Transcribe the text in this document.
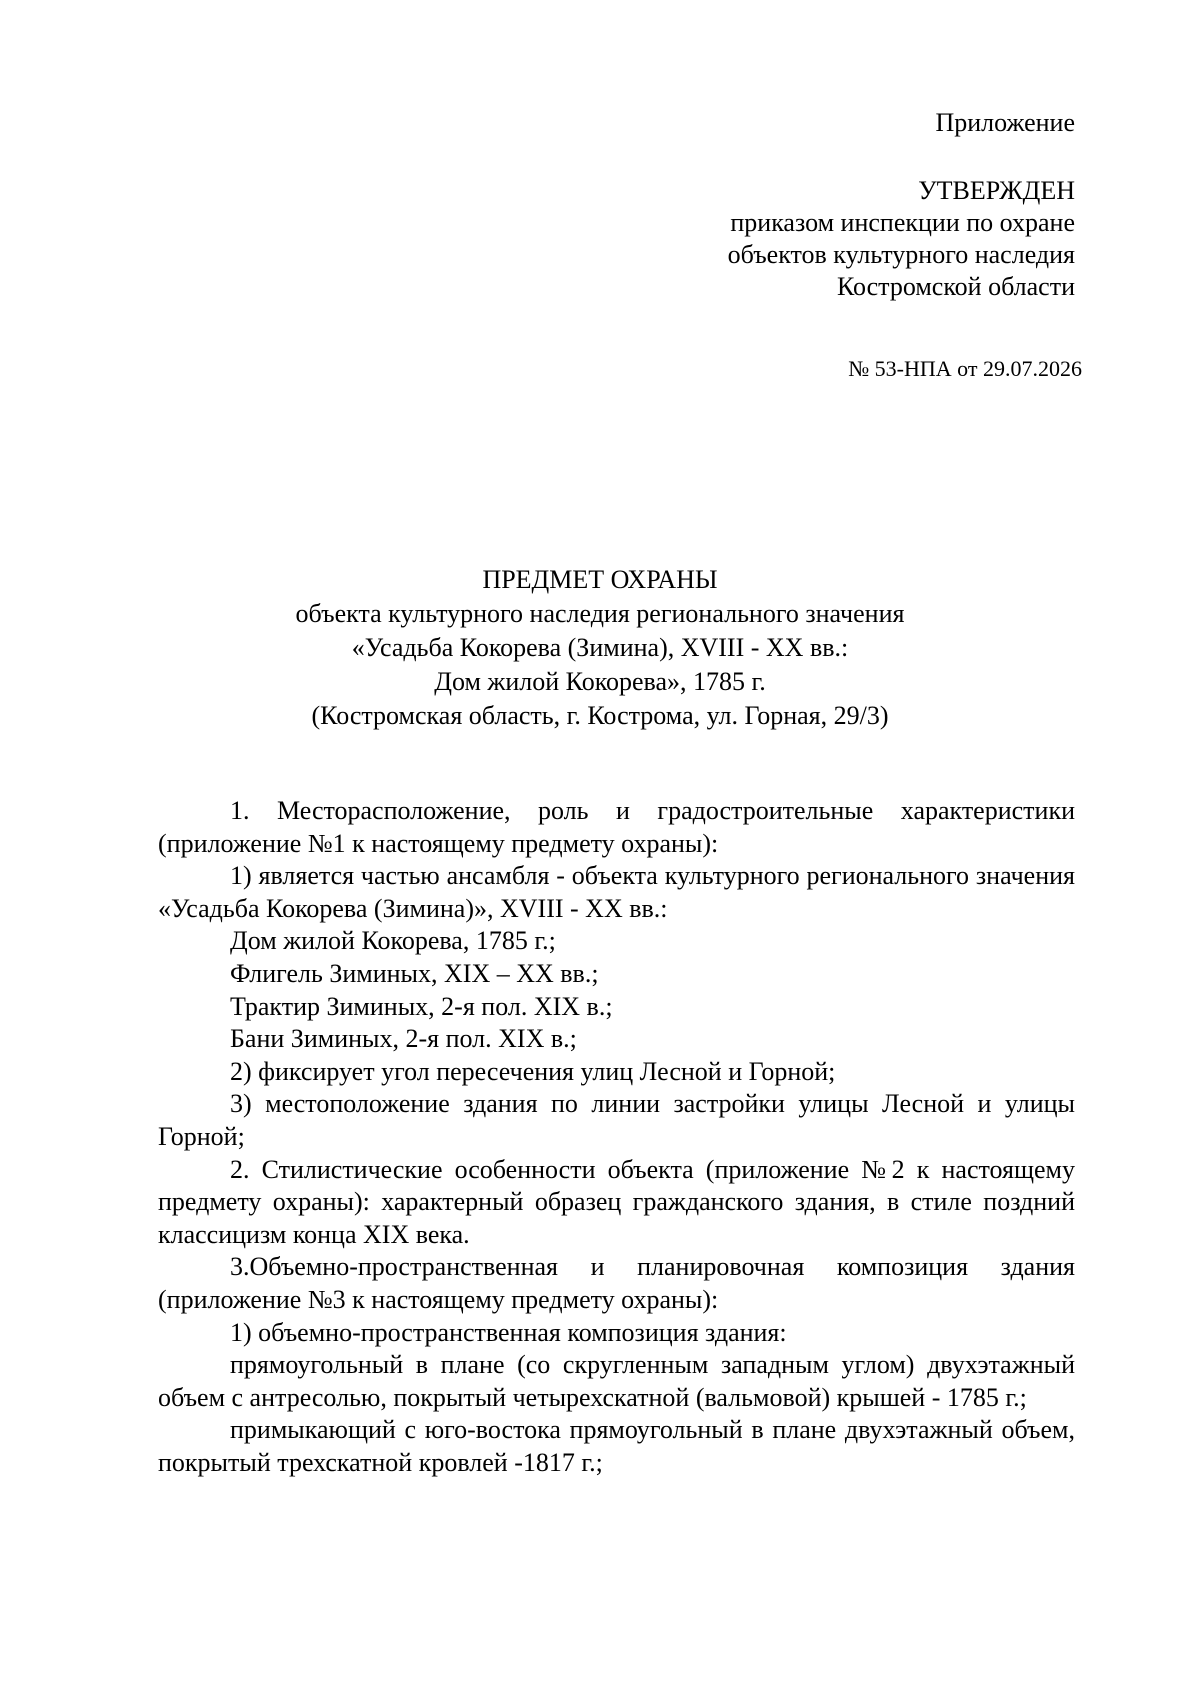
Приложение

УТВЕРЖДЕН

приказом инспекции по охране

объектов культурного наследия

Костромской области

№ 53-НПА от 29.07.2026

ПРЕДМЕТ ОХРАНЫ
объекта культурного наследия регионального значения
«Усадьба Кокорева (Зимина), XVIII - XX вв.:
Дом жилой Кокорева», 1785 г.
(Костромская область, г. Кострома, ул. Горная, 29/3)

1. Месторасположение, роль и градостроительные характеристики (приложение №1 к настоящему предмету охраны):

1) является частью ансамбля - объекта культурного регионального значения «Усадьба Кокорева (Зимина)», XVIII - XX вв.:

Дом жилой Кокорева, 1785 г.;

Флигель Зиминых, XIX – XX вв.;

Трактир Зиминых, 2-я пол. XIX в.;

Бани Зиминых, 2-я пол. XIX в.;

2) фиксирует угол пересечения улиц Лесной и Горной;

3) местоположение здания по линии застройки улицы Лесной и улицы Горной;

2. Стилистические особенности объекта (приложение №2 к настоящему предмету охраны): характерный образец гражданского здания, в стиле поздний классицизм конца XIX века.

3.Объемно-пространственная и планировочная композиция здания (приложение №3 к настоящему предмету охраны):

1) объемно-пространственная композиция здания:

прямоугольный в плане (со скругленным западным углом) двухэтажный объем с антресолью, покрытый четырехскатной (вальмовой) крышей - 1785 г.;

примыкающий с юго-востока прямоугольный в плане двухэтажный объем, покрытый трехскатной кровлей -1817 г.;
